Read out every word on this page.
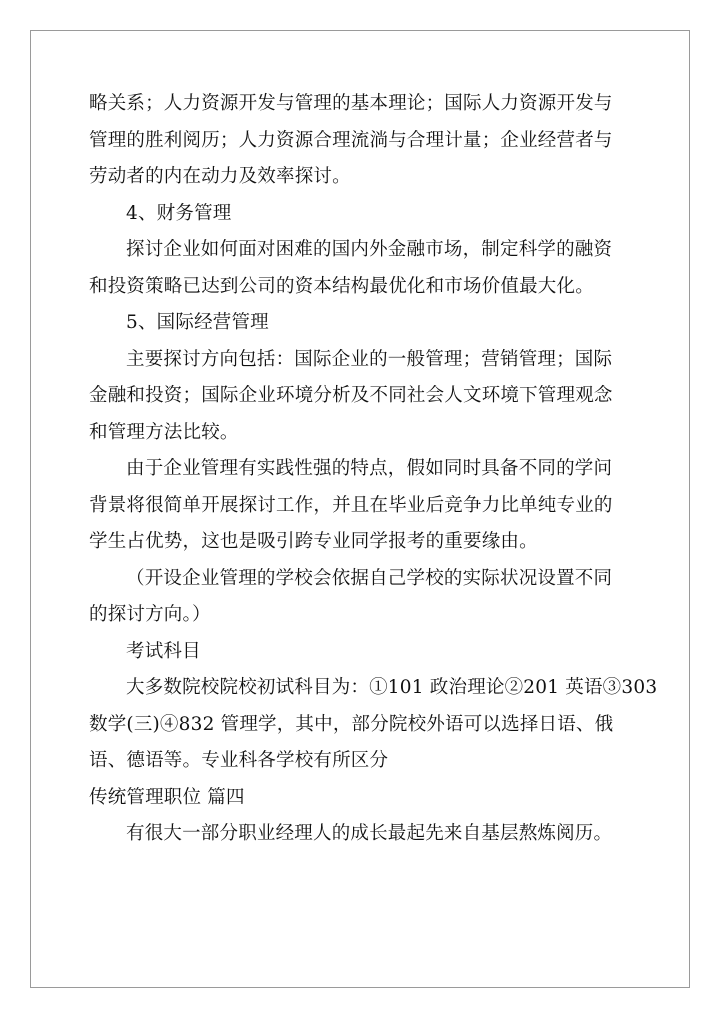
略关系；人力资源开发与管理的基本理论；国际人力资源开发与
管理的胜利阅历；人力资源合理流淌与合理计量；企业经营者与
劳动者的内在动力及效率探讨。
4、财务管理
探讨企业如何面对困难的国内外金融市场，制定科学的融资
和投资策略已达到公司的资本结构最优化和市场价值最大化。
5、国际经营管理
主要探讨方向包括：国际企业的一般管理；营销管理；国际
金融和投资；国际企业环境分析及不同社会人文环境下管理观念
和管理方法比较。
由于企业管理有实践性强的特点，假如同时具备不同的学问
背景将很简单开展探讨工作，并且在毕业后竞争力比单纯专业的
学生占优势，这也是吸引跨专业同学报考的重要缘由。
（开设企业管理的学校会依据自己学校的实际状况设置不同
的探讨方向。）
考试科目
大多数院校院校初试科目为：①101 政治理论②201 英语③303
数学(三)④832 管理学，其中，部分院校外语可以选择日语、俄
语、德语等。专业科各学校有所区分
传统管理职位 篇四
有很大一部分职业经理人的成长最起先来自基层熬炼阅历。
